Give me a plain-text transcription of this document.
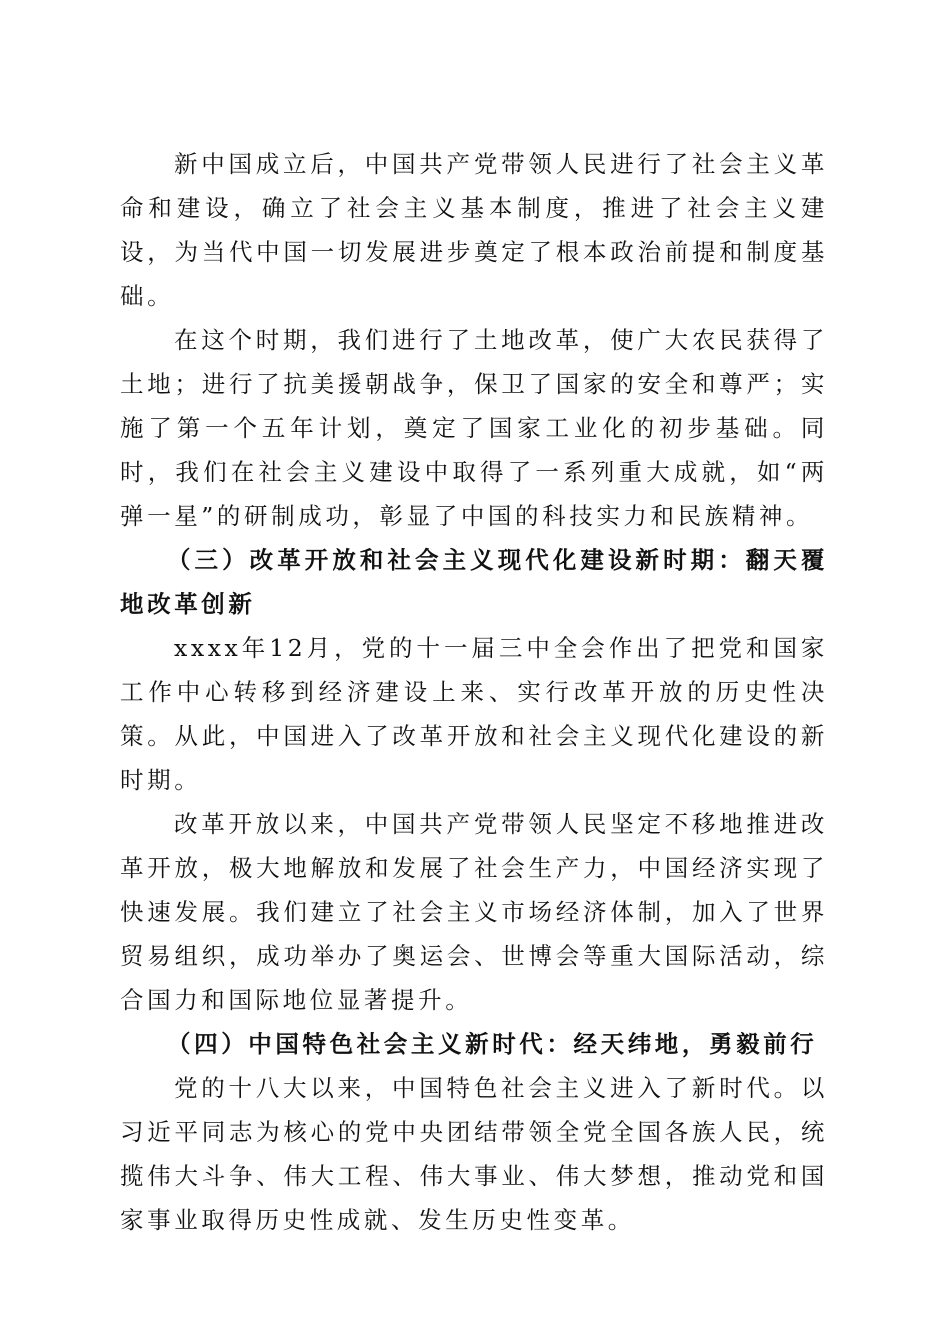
新中国成立后，中国共产党带领人民进行了社会主义革命和建设，确立了社会主义基本制度，推进了社会主义建设，为当代中国一切发展进步奠定了根本政治前提和制度基础。

在这个时期，我们进行了土地改革，使广大农民获得了土地；进行了抗美援朝战争，保卫了国家的安全和尊严；实施了第一个五年计划，奠定了国家工业化的初步基础。同时，我们在社会主义建设中取得了一系列重大成就，如“两弹一星”的研制成功，彰显了中国的科技实力和民族精神。

（三）改革开放和社会主义现代化建设新时期：翻天覆地改革创新

xxxx年12月，党的十一届三中全会作出了把党和国家工作中心转移到经济建设上来、实行改革开放的历史性决策。从此，中国进入了改革开放和社会主义现代化建设的新时期。

改革开放以来，中国共产党带领人民坚定不移地推进改革开放，极大地解放和发展了社会生产力，中国经济实现了快速发展。我们建立了社会主义市场经济体制，加入了世界贸易组织，成功举办了奥运会、世博会等重大国际活动，综合国力和国际地位显著提升。

（四）中国特色社会主义新时代：经天纬地，勇毅前行

党的十八大以来，中国特色社会主义进入了新时代。以习近平同志为核心的党中央团结带领全党全国各族人民，统揽伟大斗争、伟大工程、伟大事业、伟大梦想，推动党和国家事业取得历史性成就、发生历史性变革。
